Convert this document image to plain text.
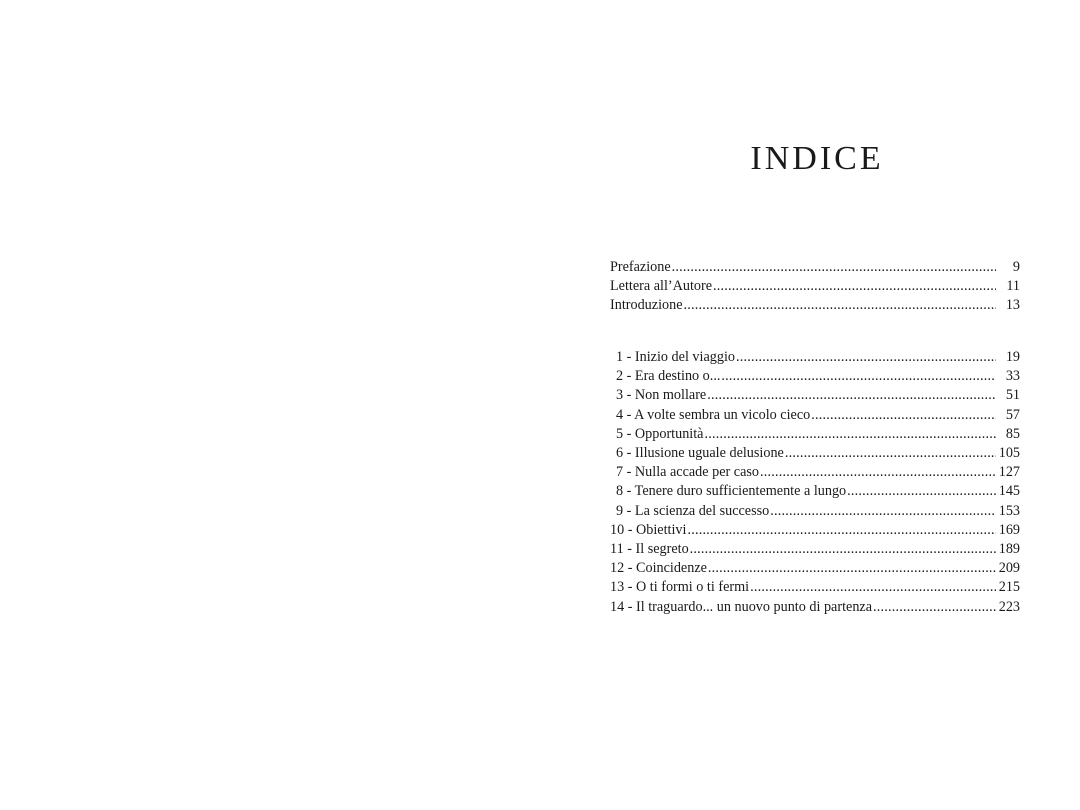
INDICE
Prefazione .....	9
Lettera all’Autore .....	11
Introduzione .....	13
1 - Inizio del viaggio .....	19
2 - Era destino o... .....	33
3 - Non mollare .....	51
4 - A volte sembra un vicolo cieco .....	57
5 - Opportunità .....	85
6 - Illusione uguale delusione .....	105
7 - Nulla accade per caso .....	127
8 - Tenere duro sufficientemente a lungo .....	145
9 - La scienza del successo .....	153
10 - Obiettivi .....	169
11 - Il segreto .....	189
12 - Coincidenze .....	209
13 - O ti formi o ti fermi .....	215
14 - Il traguardo... un nuovo punto di partenza .....	223
